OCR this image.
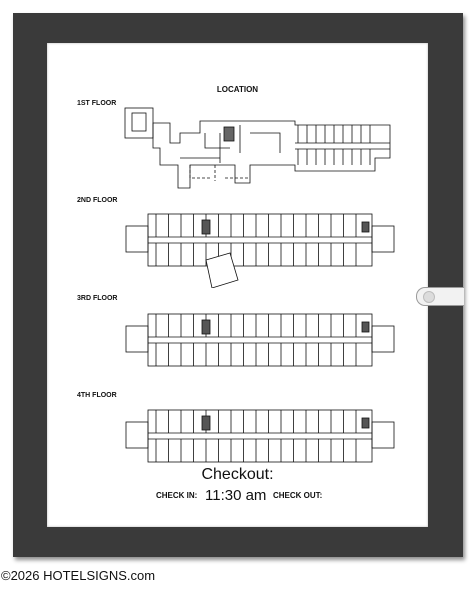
LOCATION
1ST FLOOR
2ND FLOOR
3RD FLOOR
4TH FLOOR
Checkout:
CHECK IN: 11:30 am CHECK OUT:
©2026 HOTELSIGNS.com
